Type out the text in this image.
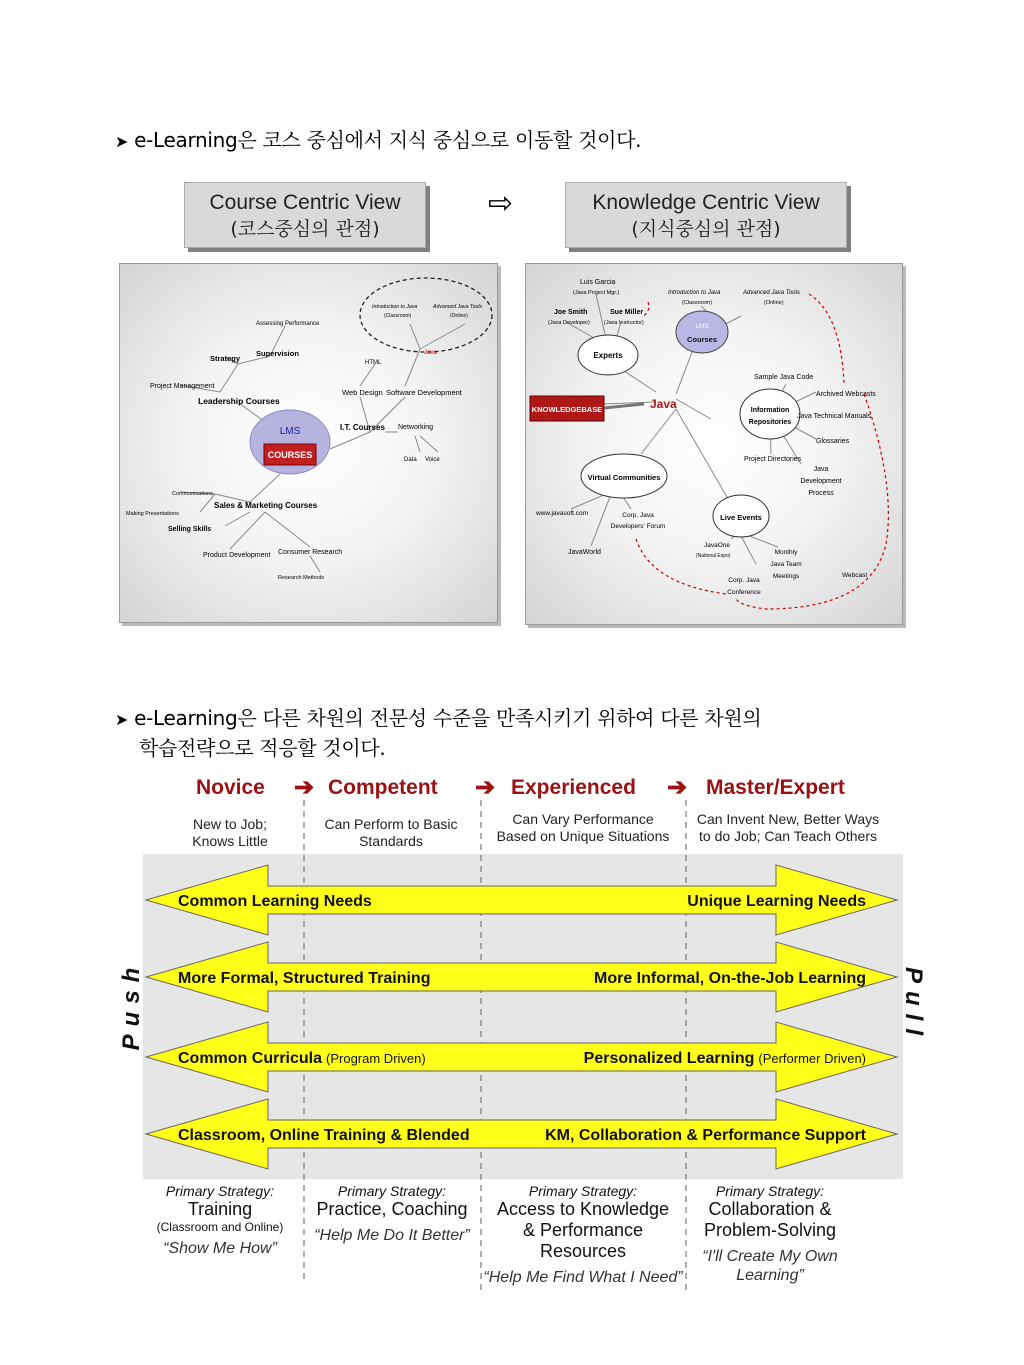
➤ e-Learning은 코스 중심에서 지식 중심으로 이동할 것이다.
Course Centric View
(코스중심의 관점)
⇨	Knowledge Centric View
(지식중심의 관점)
LMS
COURSES
Leadership Courses
Assessing Performance
Supervision
Strategy
Project Management
I.T. Courses
Web Design Software Development
HTML
Java
Introduction to Java
(Classroom)
Advanced Java Tools
(Online)
Networking
Data Voice
Sales & Marketing Courses
Communications
Making Presentations
Selling Skills
Product Development Consumer Research
Research Methods
Luis Garcia
(Java Project Mgr.)
Joe Smith
(Java Developer)
Sue Miller
(Java Instructor)
Experts
Introduction to Java
(Classroom)
Advanced Java Tools
(Online)
LMS
Courses
KNOWLEDGEBASE	Java
Sample Java Code
Archived Webcasts
Information
Repositories
Java Technical Manuals
Glossaries
Project Directories
Java
Development
Process
Virtual Communities
www.javasoft.com	Corp. Java
Developers' Forum
JavaWorld
Live Events
JavaOne
(National Expo)	Monthly
Java Team
Meetings	Webcast
Corp. Java
Conference
➤ e-Learning은 다른 차원의 전문성 수준을 만족시키기 위하여 다른 차원의
학습전략으로 적응할 것이다.
Novice ➔ Competent ➔ Experienced ➔ Master/Expert
New to Job;
Knows Little
Can Perform to Basic
Standards
Can Vary Performance
Based on Unique Situations
Can Invent New, Better Ways
to do Job; Can Teach Others
Common Learning Needs	Unique Learning Needs
More Formal, Structured Training	More Informal, On-the-Job Learning
Common Curricula (Program Driven)	Personalized Learning (Performer Driven)
Classroom, Online Training & Blended	KM, Collaboration & Performance Support
Push	Pull
Primary Strategy:
Training
(Classroom and Online)
“Show Me How”
Primary Strategy:
Practice, Coaching
“Help Me Do It Better”
Primary Strategy:
Access to Knowledge
& Performance
Resources
“Help Me Find What I Need”
Primary Strategy:
Collaboration &
Problem-Solving
“I'll Create My Own Learning”
